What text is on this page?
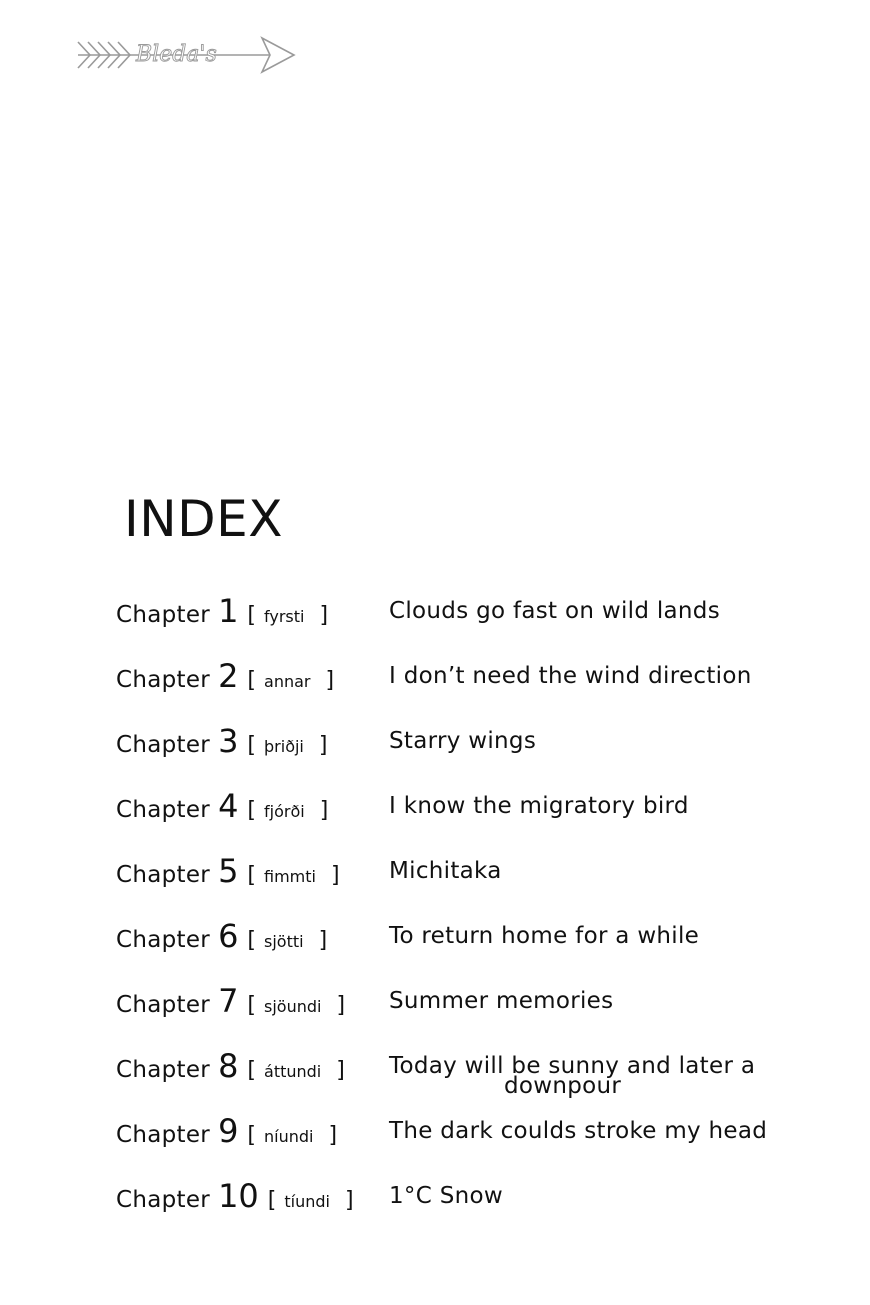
Bleda's
INDEX
Chapter 1 [ fyrsti ]	Clouds go fast on wild lands
Chapter 2 [ annar ] I don’t need the wind direction
Chapter 3 [ þriðji ]	Starry wings
Chapter 4 [ fjórði ]	I know the migratory bird
Chapter 5 [ fimmti ] Michitaka
Chapter 6 [ sjötti ]	To return home for a while
Chapter 7 [ sjöundi ] Summer memories
Chapter 8 [ áttundi ] Today will be sunny and later a
downpour
Chapter 9 [ níundi ] The dark coulds stroke my head
Chapter 10 [ tíundi ] 1°C Snow
